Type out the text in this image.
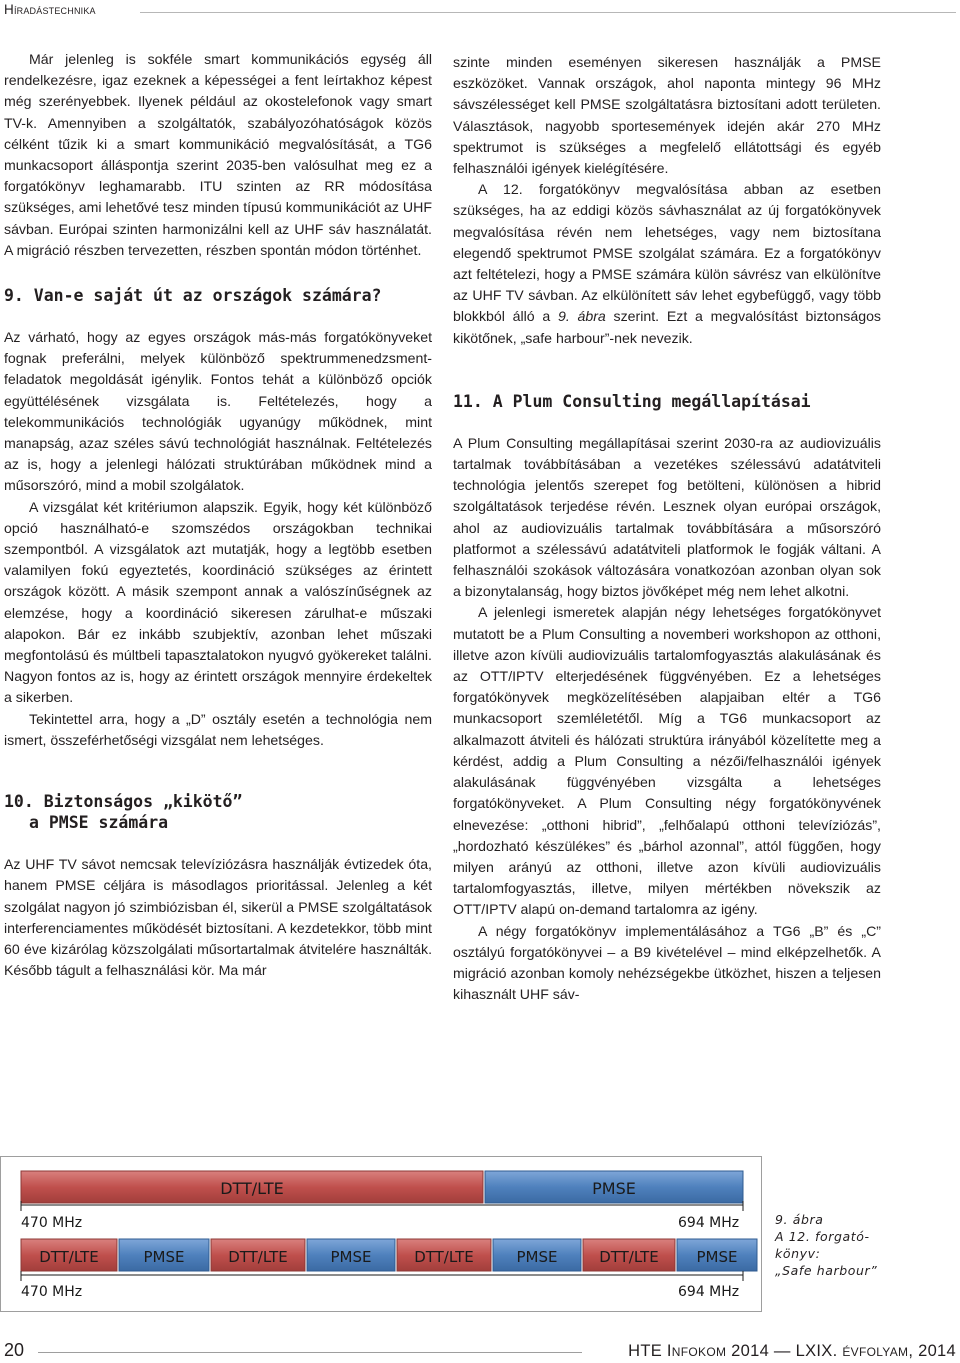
Híradástechnika

Már jelenleg is sokféle smart kommunikációs egység áll rendelkezésre, igaz ezeknek a képességei a fent leírtakhoz képest még szerényebbek. Ilyenek például az okostelefonok vagy smart TV-k. Amennyiben a szolgáltatók, szabályozóhatóságok közös célként tűzik ki a smart kommunikáció megvalósítását, a TG6 munkacsoport álláspontja szerint 2035-ben valósulhat meg ez a forgatókönyv leghamarabb. ITU szinten az RR módosítása szükséges, ami lehetővé tesz minden típusú kommunikációt az UHF sávban. Európai szinten harmonizálni kell az UHF sáv használatát. A migráció részben tervezetten, részben spontán módon történhet.

9. Van-e saját út az országok számára?

Az várható, hogy az egyes országok más-más forgatókönyveket fognak preferálni, melyek különböző spektrummenedzsment-feladatok megoldását igénylik. Fontos tehát a különböző opciók együttélésének vizsgálata is. Feltételezés, hogy a telekommunikációs technológiák ugyanúgy működnek, mint manapság, azaz széles sávú technológiát használnak. Feltételezés az is, hogy a jelenlegi hálózati struktúrában működnek mind a műsorszóró, mind a mobil szolgálatok.

A vizsgálat két kritériumon alapszik. Egyik, hogy két különböző opció használható-e szomszédos országokban technikai szempontból. A vizsgálatok azt mutatják, hogy a legtöbb esetben valamilyen fokú egyeztetés, koordináció szükséges az érintett országok között. A másik szempont annak a valószínűségnek az elemzése, hogy a koordináció sikeresen zárulhat-e műszaki alapokon. Bár ez inkább szubjektív, azonban lehet műszaki megfontolású és múltbeli tapasztalatokon nyugvó gyökereket találni. Nagyon fontos az is, hogy az érintett országok mennyire érdekeltek a sikerben.

Tekintettel arra, hogy a „D” osztály esetén a technológia nem ismert, összeférhetőségi vizsgálat nem lehetséges.

10. Biztonságos „kikötő”
a PMSE számára

Az UHF TV sávot nemcsak televíziózásra használják évtizedek óta, hanem PMSE céljára is másodlagos prioritással. Jelenleg a két szolgálat nagyon jó szimbiózisban él, sikerül a PMSE szolgáltatások interferenciamentes működését biztosítani. A kezdetekkor, több mint 60 éve kizárólag közszolgálati műsortartalmak átvitelére használták. Később tágult a felhasználási kör. Ma már

szinte minden eseményen sikeresen használják a PMSE eszközöket. Vannak országok, ahol naponta mintegy 96 MHz sávszélességet kell PMSE szolgáltatásra biztosítani adott területen. Választások, nagyobb sportesemények idején akár 270 MHz spektrumot is szükséges a megfelelő ellátottsági és egyéb felhasználói igények kielégítésére.

A 12. forgatókönyv megvalósítása abban az esetben szükséges, ha az eddigi közös sávhasználat az új forgatókönyvek megvalósítása révén nem lehetséges, vagy nem biztosítana elegendő spektrumot PMSE szolgálat számára. Ez a forgatókönyv azt feltételezi, hogy a PMSE számára külön sávrész van elkülönítve az UHF TV sávban. Az elkülönített sáv lehet egybefüggő, vagy több blokkból álló a 9. ábra szerint. Ezt a megvalósítást biztonságos kikötőnek, „safe harbour”-nek nevezik.

11. A Plum Consulting megállapításai

A Plum Consulting megállapításai szerint 2030-ra az audiovizuális tartalmak továbbításában a vezetékes szélessávú adatátviteli technológia jelentős szerepet fog betölteni, különösen a hibrid szolgáltatások terjedése révén. Lesznek olyan európai országok, ahol az audiovizuális tartalmak továbbítására a műsorszóró platformot a szélessávú adatátviteli platformok le fogják váltani. A felhasználói szokások változására vonatkozóan azonban olyan sok a bizonytalanság, hogy biztos jövőképet még nem lehet alkotni.

A jelenlegi ismeretek alapján négy lehetséges forgatókönyvet mutatott be a Plum Consulting a novemberi workshopon az otthoni, illetve azon kívüli audiovizuális tartalomfogyasztás alakulásának és az OTT/IPTV elterjedésének függvényében. Ez a lehetséges forgatókönyvek megközelítésében alapjaiban eltér a TG6 munkacsoport szemléletétől. Míg a TG6 munkacsoport az alkalmazott átviteli és hálózati struktúra irányából közelítette meg a kérdést, addig a Plum Consulting a nézői/felhasználói igények alakulásának függvényében vizsgálta a lehetséges forgatókönyveket. A Plum Consulting négy forgatókönyvének elnevezése: „otthoni hibrid”, „felhőalapú otthoni televíziózás”, „hordozható készülékes” és „bárhol azonnal”, attól függően, hogy milyen arányú az otthoni, illetve azon kívüli audiovizuális tartalomfogyasztás, illetve, milyen mértékben növekszik az OTT/IPTV alapú on-demand tartalomra az igény.

A négy forgatókönyv implementálásához a TG6 „B” és „C” osztályú forgatókönyvei – a B9 kivételével – mind elképzelhetők. A migráció azonban komoly nehézségekbe ütközhet, hiszen a teljesen kihasznált UHF sáv-

DTT/LTE	PMSE
470 MHz	694 MHz
DTT/LTE	PMSE	DTT/LTE	PMSE	DTT/LTE	PMSE	DTT/LTE	PMSE
470 MHz	694 MHz
9. ábra
A 12. forgató-
könyv:
„Safe harbour”
20	HTE Infokom 2014 — LXIX. évfolyam, 2014
